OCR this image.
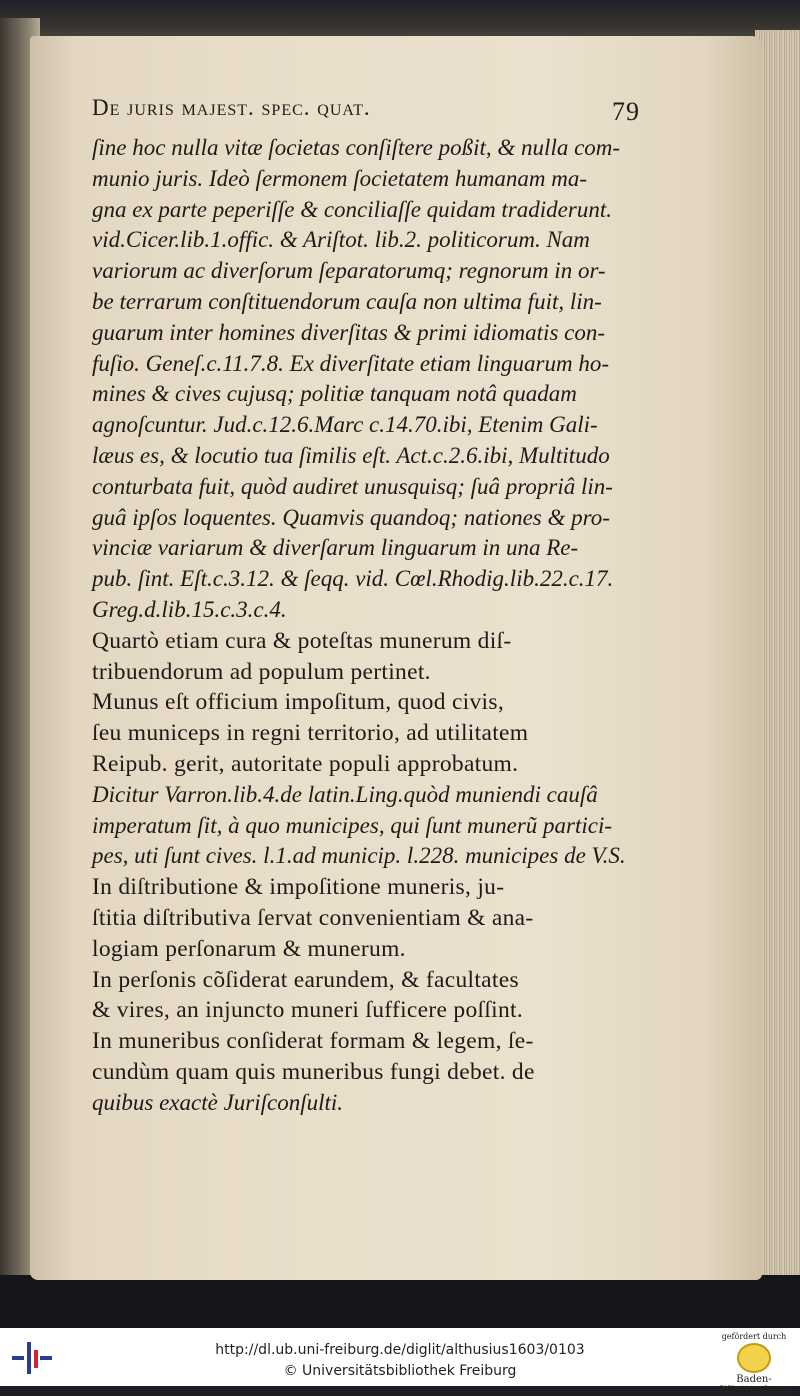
De juris majest. spec. quat.	79
ſine hoc nulla vitæ ſocietas conſiſtere poßit, & nulla com-
munio juris. Ideò ſermonem ſocietatem humanam ma-
gna ex parte peperiſſe & conciliaſſe quidam tradiderunt.
vid.Cicer.lib.1.offic. & Ariſtot. lib.2. politicorum. Nam
variorum ac diverſorum ſeparatorumq; regnorum in or-
be terrarum conſtituendorum cauſa non ultima fuit, lin-
guarum inter homines diverſitas & primi idiomatis con-
fuſio. Geneſ.c.11.7.8. Ex diverſitate etiam linguarum ho-
mines & cives cujusq; politiæ tanquam notâ quadam
agnoſcuntur. Jud.c.12.6.Marc c.14.70.ibi, Etenim Gali-
læus es, & locutio tua ſimilis eſt. Act.c.2.6.ibi, Multitudo
conturbata fuit, quòd audiret unusquisq; ſuâ propriâ lin-
guâ ipſos loquentes. Quamvis quandoq; nationes & pro-
vinciæ variarum & diverſarum linguarum in una Re-
pub. ſint. Eſt.c.3.12. & ſeqq. vid. Cœl.Rhodig.lib.22.c.17.
Greg.d.lib.15.c.3.c.4.
Quartò etiam cura & poteſtas munerum diſ-
tribuendorum ad populum pertinet.
Munus eſt officium impoſitum, quod civis,
ſeu municeps in regni territorio, ad utilitatem
Reipub. gerit, autoritate populi approbatum.
Dicitur Varron.lib.4.de latin.Ling.quòd muniendi cauſâ
imperatum ſit, à quo municipes, qui ſunt munerũ partici-
pes, uti ſunt cives. l.1.ad municip. l.228. municipes de V.S.
In diſtributione & impoſitione muneris, ju-
ſtitia diſtributiva ſervat convenientiam & ana-
logiam perſonarum & munerum.
In perſonis cõſiderat earundem, & facultates
& vires, an injuncto muneri ſufficere poſſint.
In muneribus conſiderat formam & legem, ſe-
cundùm quam quis muneribus fungi debet. de
quibus exactè Juriſconſulti.
http://dl.ub.uni-freiburg.de/diglit/althusius1603/0103
© Universitätsbibliothek Freiburg
gefördert durch
Baden-Württemberg
